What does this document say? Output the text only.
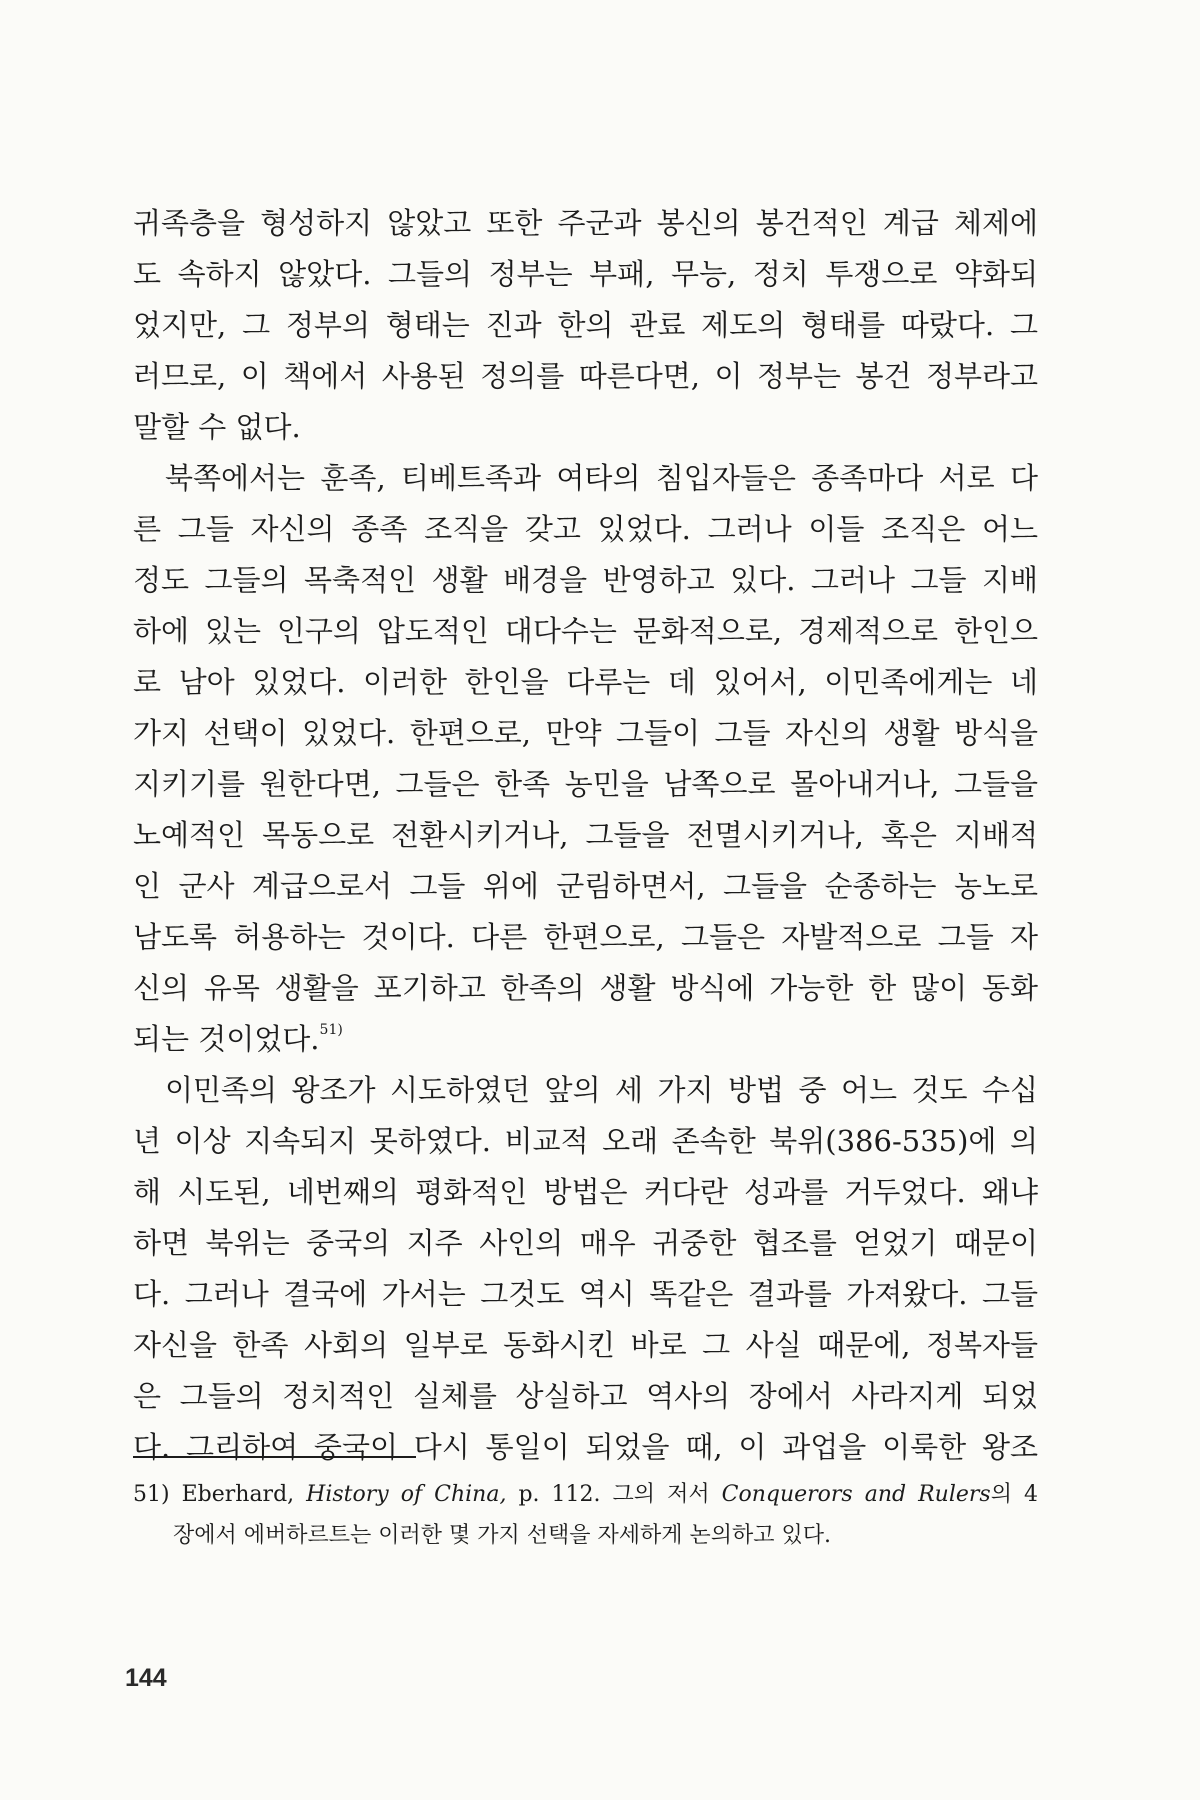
귀족층을 형성하지 않았고 또한 주군과 봉신의 봉건적인 계급 체제에
도 속하지 않았다. 그들의 정부는 부패, 무능, 정치 투쟁으로 약화되
었지만, 그 정부의 형태는 진과 한의 관료 제도의 형태를 따랐다. 그
러므로, 이 책에서 사용된 정의를 따른다면, 이 정부는 봉건 정부라고
말할 수 없다.
북쪽에서는 훈족, 티베트족과 여타의 침입자들은 종족마다 서로 다
른 그들 자신의 종족 조직을 갖고 있었다. 그러나 이들 조직은 어느
정도 그들의 목축적인 생활 배경을 반영하고 있다. 그러나 그들 지배
하에 있는 인구의 압도적인 대다수는 문화적으로, 경제적으로 한인으
로 남아 있었다. 이러한 한인을 다루는 데 있어서, 이민족에게는 네
가지 선택이 있었다. 한편으로, 만약 그들이 그들 자신의 생활 방식을
지키기를 원한다면, 그들은 한족 농민을 남쪽으로 몰아내거나, 그들을
노예적인 목동으로 전환시키거나, 그들을 전멸시키거나, 혹은 지배적
인 군사 계급으로서 그들 위에 군림하면서, 그들을 순종하는 농노로
남도록 허용하는 것이다. 다른 한편으로, 그들은 자발적으로 그들 자
신의 유목 생활을 포기하고 한족의 생활 방식에 가능한 한 많이 동화
되는 것이었다.$^{51)}$
이민족의 왕조가 시도하였던 앞의 세 가지 방법 중 어느 것도 수십
년 이상 지속되지 못하였다. 비교적 오래 존속한 북위(386-535)에 의
해 시도된, 네번째의 평화적인 방법은 커다란 성과를 거두었다. 왜냐
하면 북위는 중국의 지주 사인의 매우 귀중한 협조를 얻었기 때문이
다. 그러나 결국에 가서는 그것도 역시 똑같은 결과를 가져왔다. 그들
자신을 한족 사회의 일부로 동화시킨 바로 그 사실 때문에, 정복자들
은 그들의 정치적인 실체를 상실하고 역사의 장에서 사라지게 되었
다. 그리하여 중국이 다시 통일이 되었을 때, 이 과업을 이룩한 왕조
51) Eberhard, History of China, p. 112. 그의 저서 Conquerors and Rulers의 4
장에서 에버하르트는 이러한 몇 가지 선택을 자세하게 논의하고 있다.
144
